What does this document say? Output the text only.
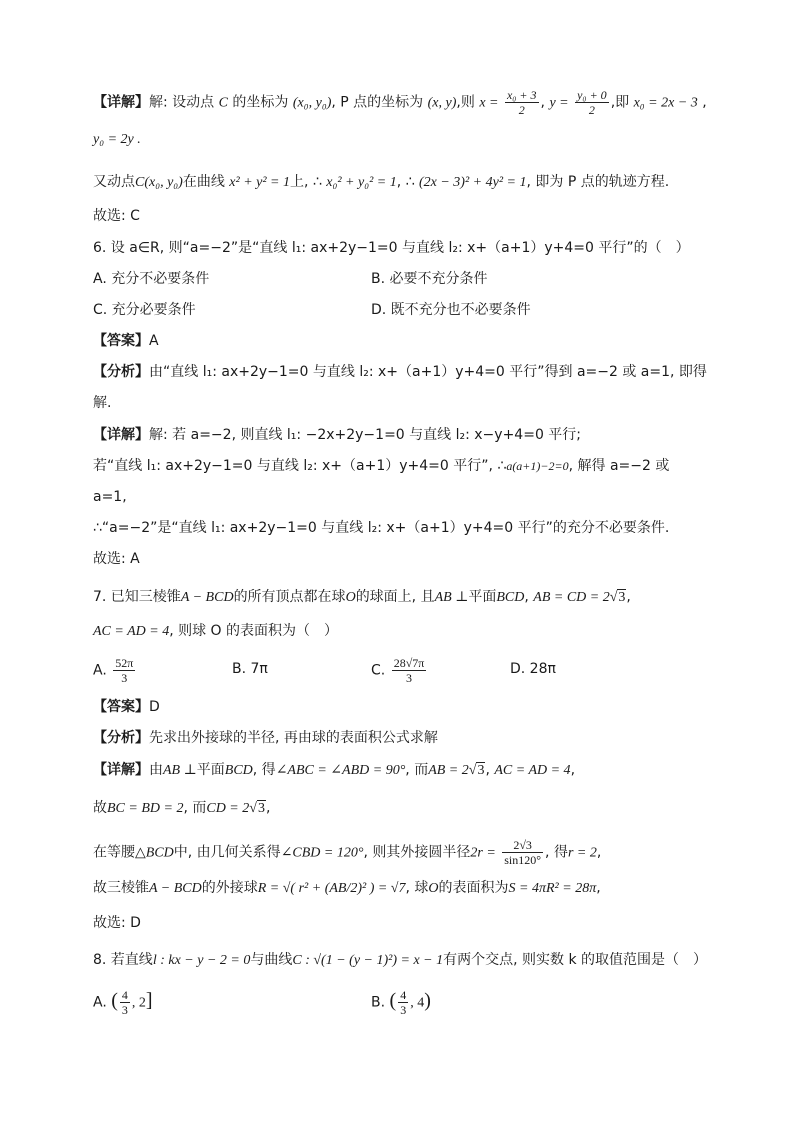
【详解】解: 设动点 C 的坐标为 (x₀, y₀), P 点的坐标为 (x, y),则 $x = \frac{\text{x₀ + 3}}{2}$ , $y = \frac{\text{y₀ + 0}}{2}$ ,即 x₀ = 2x − 3 ,
y₀ = 2y .
又动点C(x₀, y₀)在曲线 x² + y² = 1上, ∴ x₀² + y₀² = 1, ∴ (2x − 3)² + 4y² = 1, 即为 P 点的轨迹方程.
故选: C
6. 设 a∈R, 则“a=−2”是“直线 l₁: ax+2y−1=0 与直线 l₂: x+（a+1）y+4=0 平行”的（　）
A. 充分不必要条件	B. 必要不充分条件
C. 充分必要条件	D. 既不充分也不必要条件
【答案】A
【分析】由“直线 l₁: ax+2y−1=0 与直线 l₂: x+（a+1）y+4=0 平行”得到 a=−2 或 a=1, 即得
解.
【详解】解: 若 a=−2, 则直线 l₁: −2x+2y−1=0 与直线 l₂: x−y+4=0 平行;
若“直线 l₁: ax+2y−1=0 与直线 l₂: x+（a+1）y+4=0 平行”, ∴a(a+1)−2=0, 解得 a=−2 或
a=1,
∴“a=−2”是“直线 l₁: ax+2y−1=0 与直线 l₂: x+（a+1）y+4=0 平行”的充分不必要条件.
故选: A
7. 已知三棱锥A − BCD的所有顶点都在球O的球面上, 且AB ⊥平面BCD, AB = CD = 2√3,
AC = AD = 4, 则球 O 的表面积为（　）
A. $\frac{52\pi}{3}$	B. 7π	C. $\frac{28√7\pi}{3}$	D. 28π
【答案】D
【分析】先求出外接球的半径, 再由球的表面积公式求解
【详解】由AB ⊥平面BCD, 得∠ABC = ∠ABD = 90°, 而AB = 2√3, AC = AD = 4,
故BC = BD = 2, 而CD = 2√3,
在等腰△BCD中, 由几何关系得∠CBD = 120°, 则其外接圆半径$2r = \frac{2√3}{\sin 120^\circ}$ , 得r = 2,
故三棱锥A − BCD的外接球R = √( r² + (AB/2)² ) = √7, 球O的表面积为S = 4πR² = 28π,
故选: D
8. 若直线l : kx − y − 2 = 0与曲线C : √(1 − (y − 1)²) = x − 1有两个交点, 则实数 k 的取值范围是（　）
A. ( $\frac{4}{3}$ , 2]	B. ( $\frac{4}{3}$ , 4)
